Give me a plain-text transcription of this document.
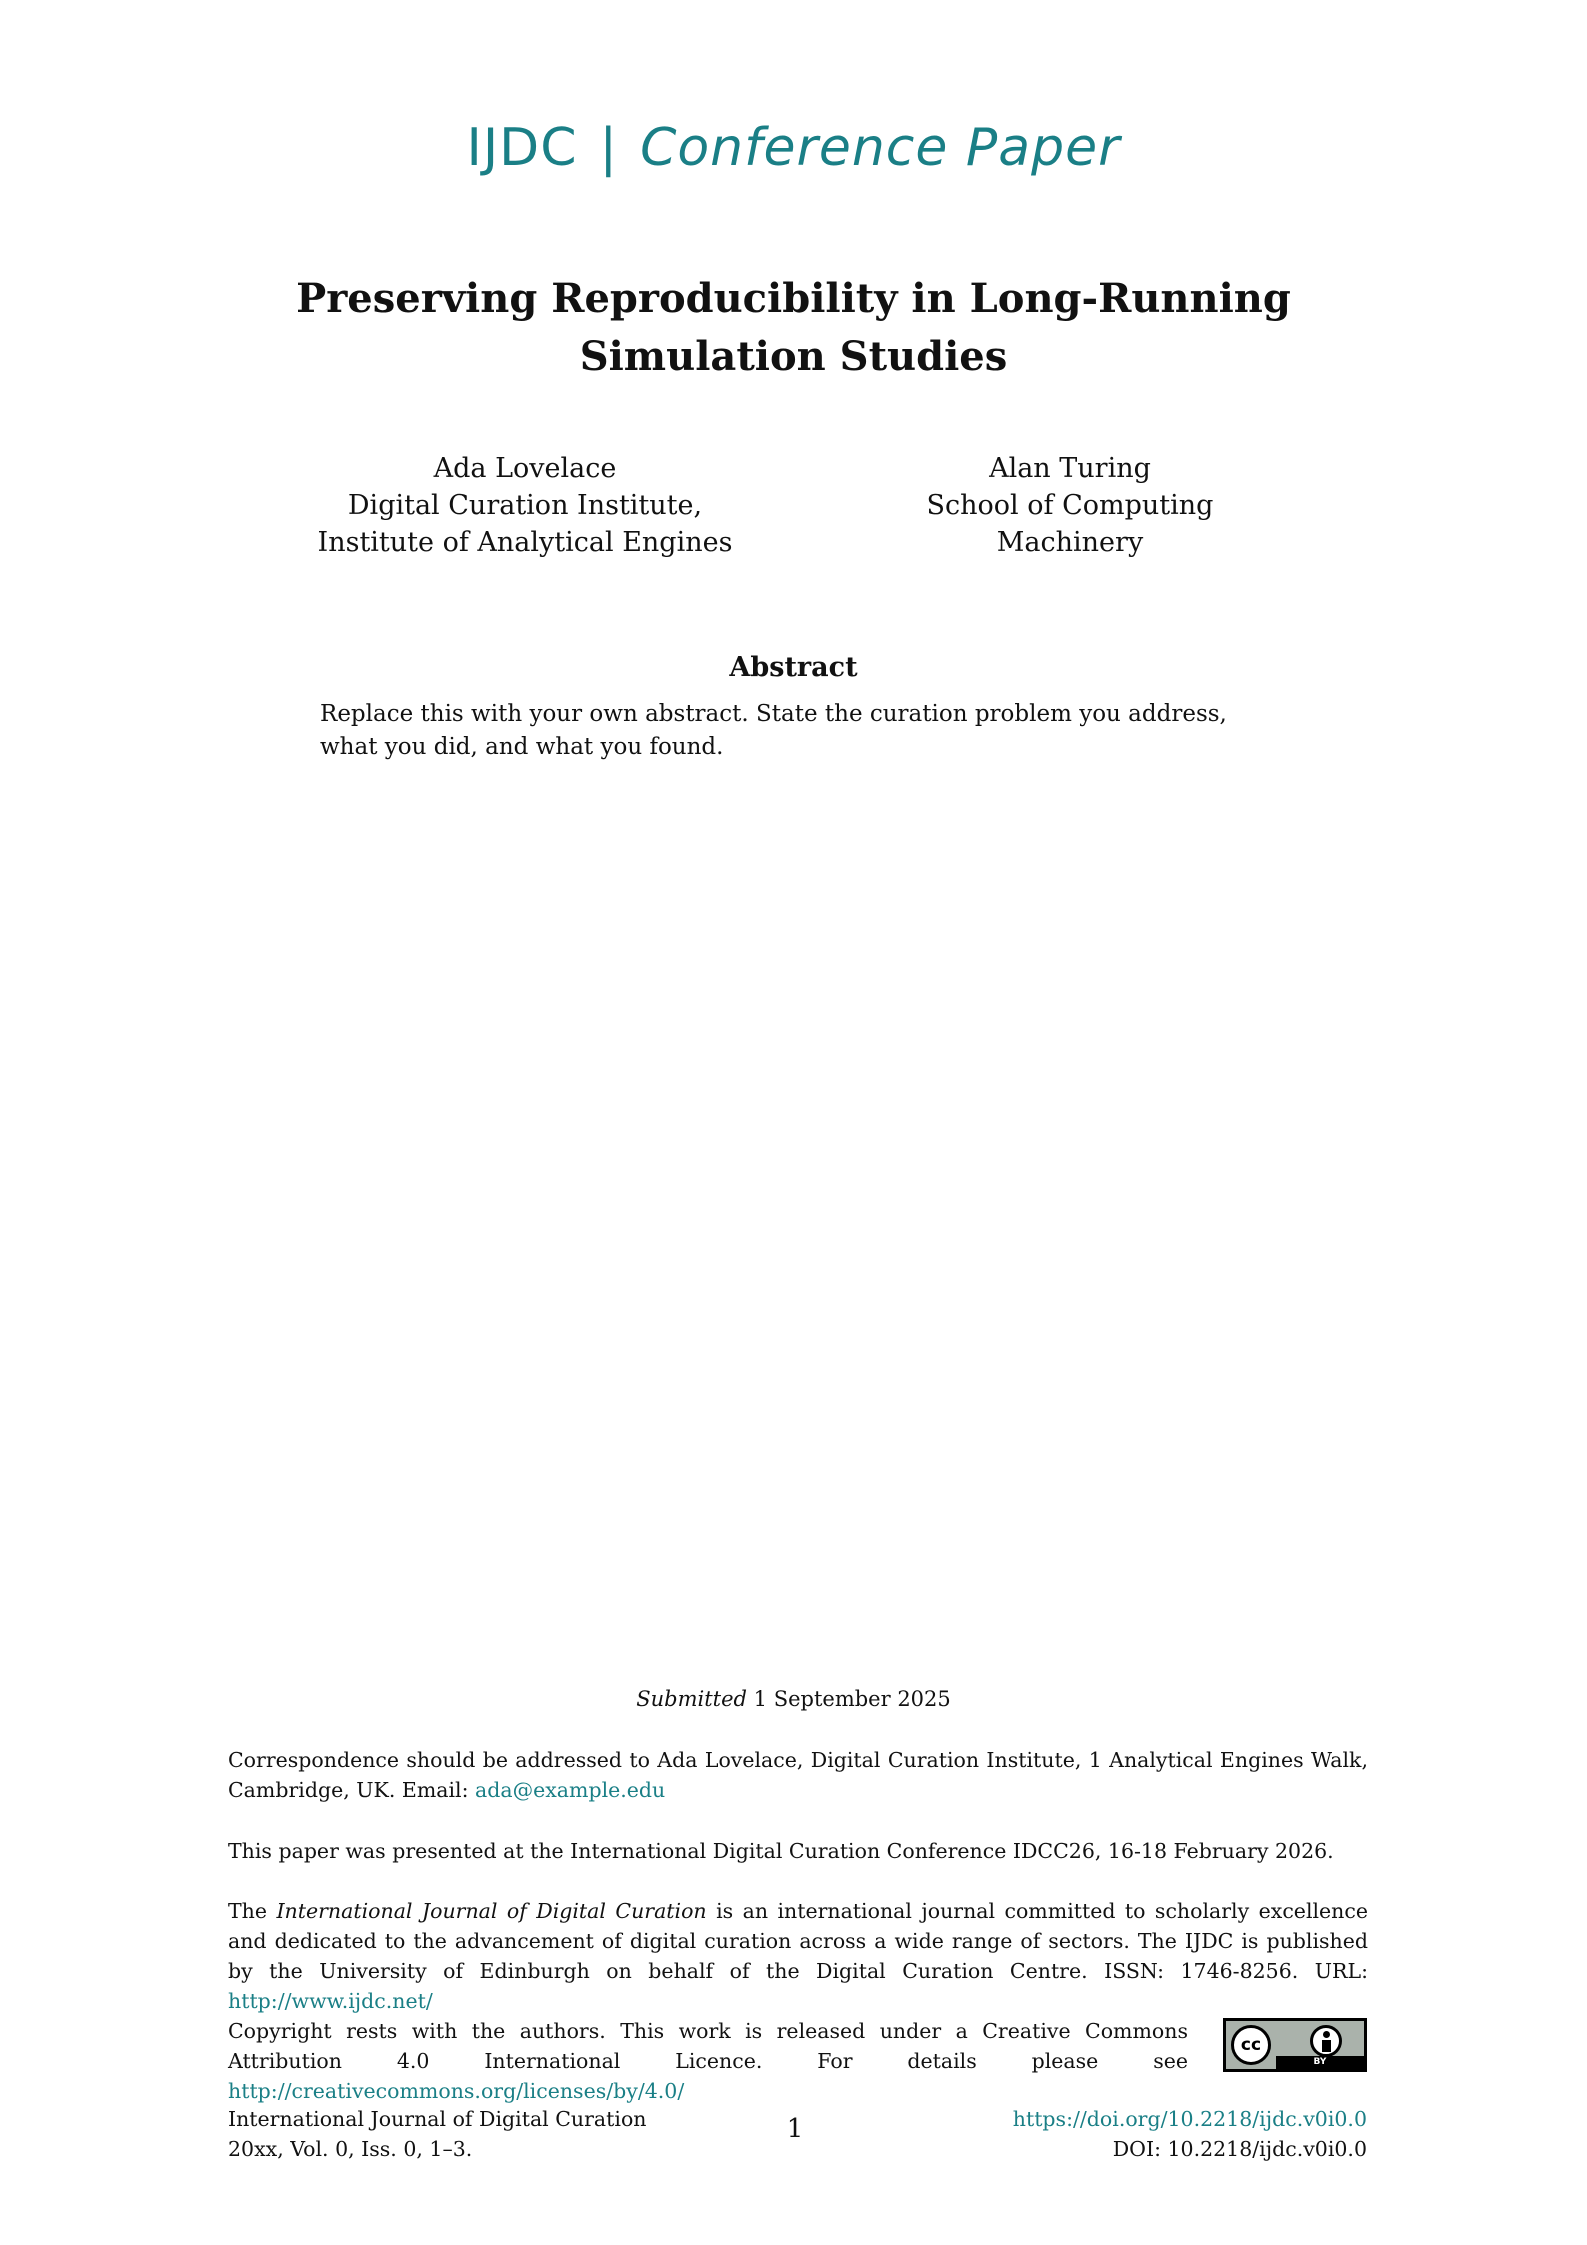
IJDC | Conference Paper
Preserving Reproducibility in Long-Running Simulation Studies
Ada Lovelace
Digital Curation Institute, Institute of Analytical Engines
Alan Turing
School of Computing Machinery
Abstract
Replace this with your own abstract. State the curation problem you address, what you did, and what you found.
Submitted 1 September 2025
Correspondence should be addressed to Ada Lovelace, Digital Curation Institute, 1 Analytical Engines Walk, Cambridge, UK. Email: ada@example.edu
This paper was presented at the International Digital Curation Conference IDCC26, 16-18 February 2026.
The International Journal of Digital Curation is an international journal committed to scholarly excellence and dedicated to the advancement of digital curation across a wide range of sectors. The IJDC is published by the University of Edinburgh on behalf of the Digital Curation Centre. ISSN: 1746-8256. URL: http://www.ijdc.net/
Copyright rests with the authors. This work is released under a Creative Commons Attribution 4.0 International Licence. For details please see http://creativecommons.org/licenses/by/4.0/
cc
BY
International Journal of Digital Curation
20xx, Vol. 0, Iss. 0, 1–3.
1	https://doi.org/10.2218/ijdc.v0i0.0
DOI: 10.2218/ijdc.v0i0.0
